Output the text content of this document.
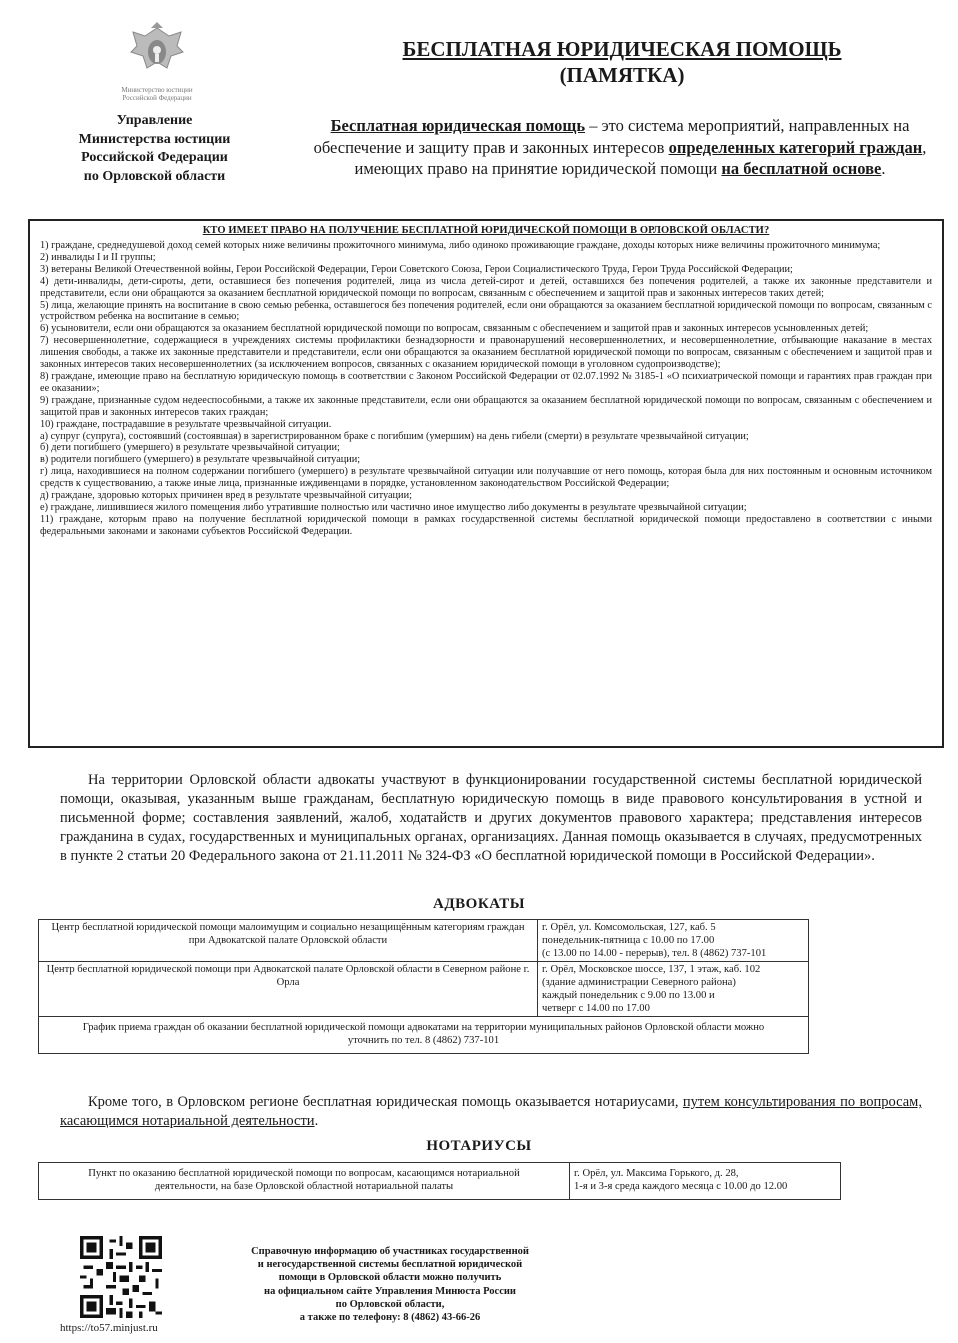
Министерство юстиции
Российской Федерации
Управление
Министерства юстиции
Российской Федерации
по Орловской области
БЕСПЛАТНАЯ ЮРИДИЧЕСКАЯ ПОМОЩЬ
(ПАМЯТКА)
Бесплатная юридическая помощь – это система мероприятий, направленных на обеспечение и защиту прав и законных интересов определенных категорий граждан, имеющих право на принятие юридической помощи на бесплатной основе.
КТО ИМЕЕТ ПРАВО НА ПОЛУЧЕНИЕ БЕСПЛАТНОЙ ЮРИДИЧЕСКОЙ ПОМОЩИ В ОРЛОВСКОЙ ОБЛАСТИ?

1) граждане, среднедушевой доход семей которых ниже величины прожиточного минимума, либо одиноко проживающие граждане, доходы которых ниже величины прожиточного минимума;

2) инвалиды I и II группы;

3) ветераны Великой Отечественной войны, Герои Российской Федерации, Герои Советского Союза, Герои Социалистического Труда, Герои Труда Российской Федерации;

4) дети-инвалиды, дети-сироты, дети, оставшиеся без попечения родителей, лица из числа детей-сирот и детей, оставшихся без попечения родителей, а также их законные представители и представители, если они обращаются за оказанием бесплатной юридической помощи по вопросам, связанным с обеспечением и защитой прав и законных интересов таких детей;

5) лица, желающие принять на воспитание в свою семью ребенка, оставшегося без попечения родителей, если они обращаются за оказанием бесплатной юридической помощи по вопросам, связанным с устройством ребенка на воспитание в семью;

6) усыновители, если они обращаются за оказанием бесплатной юридической помощи по вопросам, связанным с обеспечением и защитой прав и законных интересов усыновленных детей;

7) несовершеннолетние, содержащиеся в учреждениях системы профилактики безнадзорности и правонарушений несовершеннолетних, и несовершеннолетние, отбывающие наказание в местах лишения свободы, а также их законные представители и представители, если они обращаются за оказанием бесплатной юридической помощи по вопросам, связанным с обеспечением и защитой прав и законных интересов таких несовершеннолетних (за исключением вопросов, связанных с оказанием юридической помощи в уголовном судопроизводстве);

8) граждане, имеющие право на бесплатную юридическую помощь в соответствии с Законом Российской Федерации от 02.07.1992 № 3185-1 «О психиатрической помощи и гарантиях прав граждан при ее оказании»;

9) граждане, признанные судом недееспособными, а также их законные представители, если они обращаются за оказанием бесплатной юридической помощи по вопросам, связанным с обеспечением и защитой прав и законных интересов таких граждан;

10) граждане, пострадавшие в результате чрезвычайной ситуации.

а) супруг (супруга), состоявший (состоявшая) в зарегистрированном браке с погибшим (умершим) на день гибели (смерти) в результате чрезвычайной ситуации;

б) дети погибшего (умершего) в результате чрезвычайной ситуации;

в) родители погибшего (умершего) в результате чрезвычайной ситуации;

г) лица, находившиеся на полном содержании погибшего (умершего) в результате чрезвычайной ситуации или получавшие от него помощь, которая была для них постоянным и основным источником средств к существованию, а также иные лица, признанные иждивенцами в порядке, установленном законодательством Российской Федерации;

д) граждане, здоровью которых причинен вред в результате чрезвычайной ситуации;

е) граждане, лишившиеся жилого помещения либо утратившие полностью или частично иное имущество либо документы в результате чрезвычайной ситуации;

11) граждане, которым право на получение бесплатной юридической помощи в рамках государственной системы бесплатной юридической помощи предоставлено в соответствии с иными федеральными законами и законами субъектов Российской Федерации.

На территории Орловской области адвокаты участвуют в функционировании государственной системы бесплатной юридической помощи, оказывая, указанным выше гражданам, бесплатную юридическую помощь в виде правового консультирования в устной и письменной форме; составления заявлений, жалоб, ходатайств и других документов правового характера; представления интересов гражданина в судах, государственных и муниципальных органах, организациях. Данная помощь оказывается в случаях, предусмотренных в пункте 2 статьи 20 Федерального закона от 21.11.2011 № 324-ФЗ «О бесплатной юридической помощи в Российской Федерации».

АДВОКАТЫ
Центр бесплатной юридической помощи малоимущим и социально незащищённым категориям граждан при Адвокатской палате Орловской области	г. Орёл, ул. Комсомольская, 127, каб. 5
понедельник-пятница с 10.00 по 17.00
(с 13.00 по 14.00 - перерыв), тел. 8 (4862) 737-101

Центр бесплатной юридической помощи при Адвокатской палате Орловской области в Северном районе г. Орла	г. Орёл, Московское шоссе, 137, 1 этаж, каб. 102
(здание администрации Северного района)
каждый понедельник с 9.00 по 13.00 и
четверг с 14.00 по 17.00

График приема граждан об оказании бесплатной юридической помощи адвокатами на территории муниципальных районов Орловской области можно уточнить по тел. 8 (4862) 737-101	

Кроме того, в Орловском регионе бесплатная юридическая помощь оказывается нотариусами, путем консультирования по вопросам, касающимся нотариальной деятельности.

НОТАРИУСЫ
Пункт по оказанию бесплатной юридической помощи по вопросам, касающимся нотариальной деятельности, на базе Орловской областной нотариальной палаты	
г. Орёл, ул. Максима Горького, д. 28,
1-я и 3-я среда каждого месяца с 10.00 до 12.00
https://to57.minjust.ru
Справочную информацию об участниках государственной
и негосударственной системы бесплатной юридической
помощи в Орловской области можно получить
на официальном сайте Управления Минюста России
по Орловской области,
а также по телефону: 8 (4862) 43-66-26
